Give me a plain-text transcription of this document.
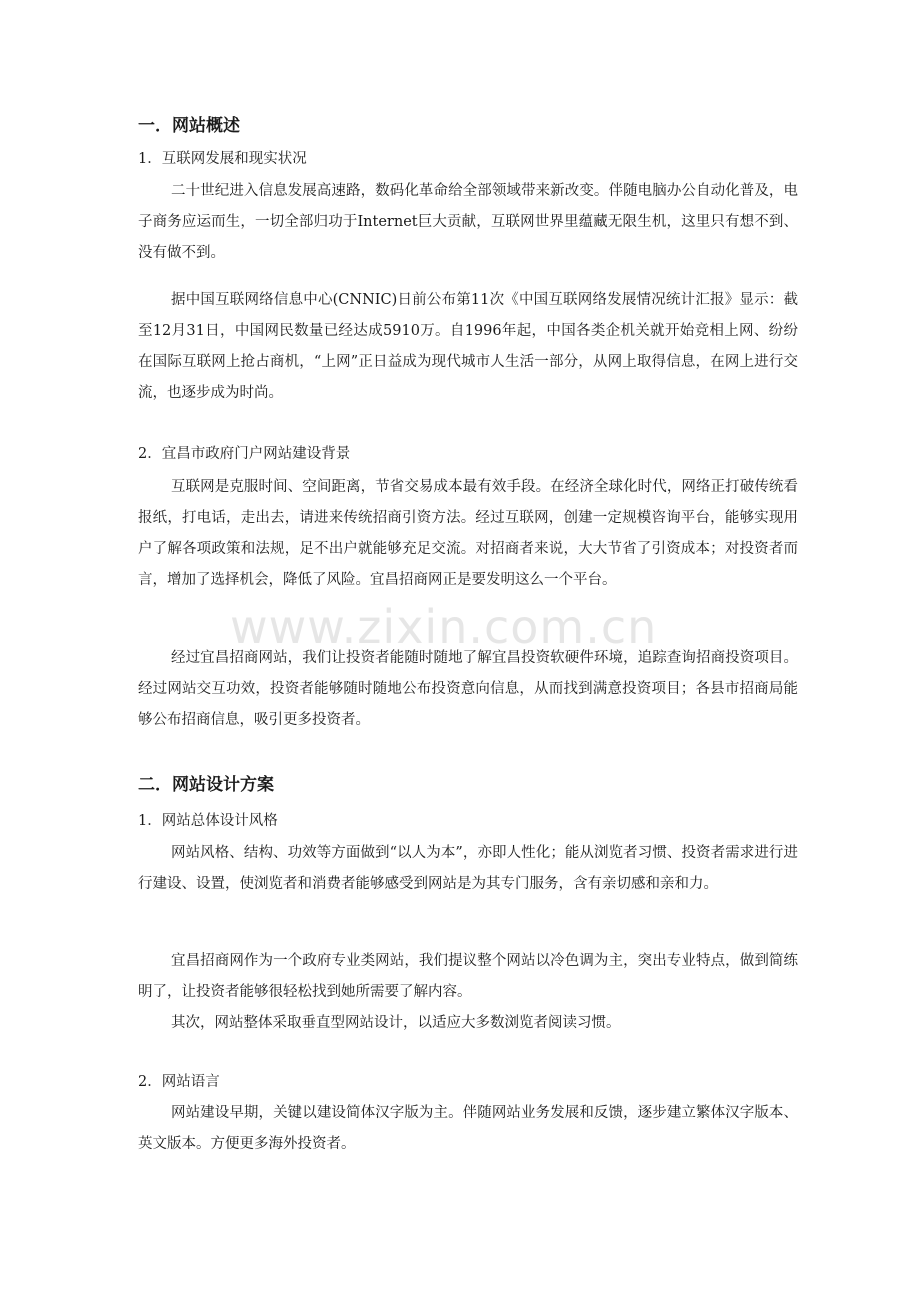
www.zixin.com.cn
一．网站概述
1．互联网发展和现实状况

二十世纪进入信息发展高速路，数码化革命给全部领域带来新改变。伴随电脑办公自动化普及，电子商务应运而生，一切全部归功于Internet巨大贡献，互联网世界里蕴藏无限生机，这里只有想不到、没有做不到。

据中国互联网络信息中心(CNNIC)日前公布第11次《中国互联网络发展情况统计汇报》显示：截至12月31日，中国网民数量已经达成5910万。自1996年起，中国各类企机关就开始竞相上网、纷纷在国际互联网上抢占商机，“上网”正日益成为现代城市人生活一部分，从网上取得信息，在网上进行交流，也逐步成为时尚。

2．宜昌市政府门户网站建设背景

互联网是克服时间、空间距离，节省交易成本最有效手段。在经济全球化时代，网络正打破传统看报纸，打电话，走出去，请进来传统招商引资方法。经过互联网，创建一定规模咨询平台，能够实现用户了解各项政策和法规，足不出户就能够充足交流。对招商者来说，大大节省了引资成本；对投资者而言，增加了选择机会，降低了风险。宜昌招商网正是要发明这么一个平台。

经过宜昌招商网站，我们让投资者能随时随地了解宜昌投资软硬件环境，追踪查询招商投资项目。经过网站交互功效，投资者能够随时随地公布投资意向信息，从而找到满意投资项目；各县市招商局能够公布招商信息，吸引更多投资者。

二．网站设计方案
1．网站总体设计风格

网站风格、结构、功效等方面做到“以人为本”，亦即人性化；能从浏览者习惯、投资者需求进行进行建设、设置，使浏览者和消费者能够感受到网站是为其专门服务，含有亲切感和亲和力。

宜昌招商网作为一个政府专业类网站，我们提议整个网站以冷色调为主，突出专业特点，做到简练明了，让投资者能够很轻松找到她所需要了解内容。

其次，网站整体采取垂直型网站设计，以适应大多数浏览者阅读习惯。

2．网站语言

网站建设早期，关键以建设简体汉字版为主。伴随网站业务发展和反馈，逐步建立繁体汉字版本、英文版本。方便更多海外投资者。
